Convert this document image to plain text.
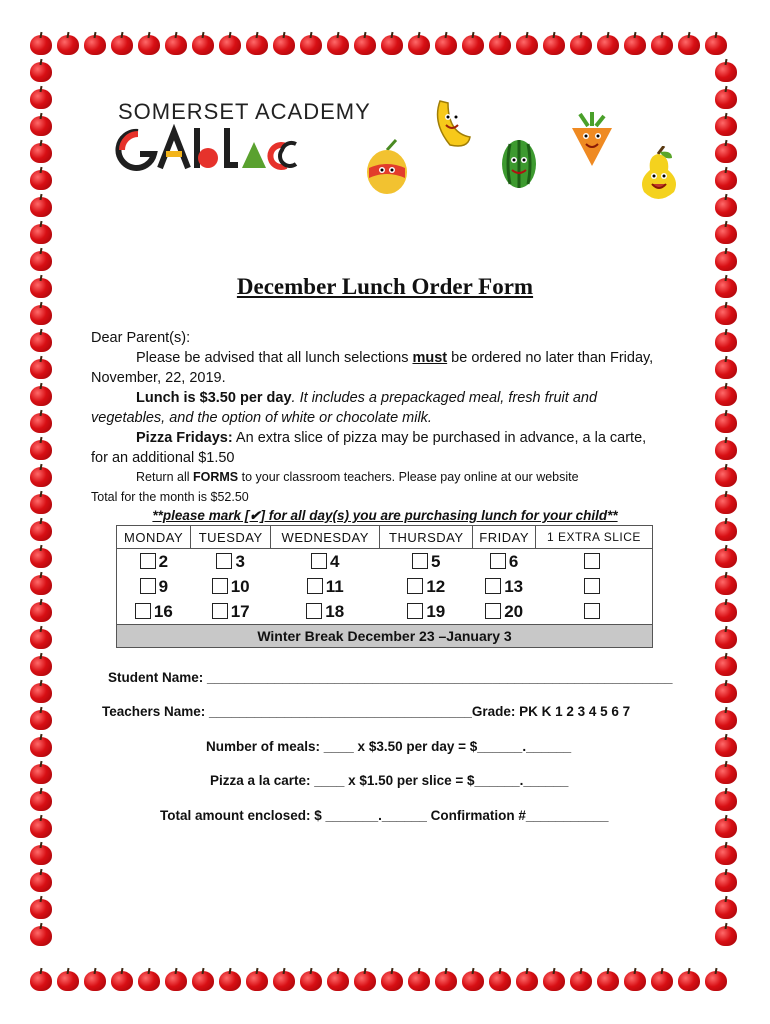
SOMERSET ACADEMY
December Lunch Order Form
Dear Parent(s):
Please be advised that all lunch selections must be ordered no later than Friday,
November, 22, 2019.
Lunch is $3.50 per day. It includes a prepackaged meal, fresh fruit and
vegetables, and the option of white or chocolate milk.
Pizza Fridays: An extra slice of pizza may be purchased in advance, a la carte,
for an additional $1.50
Return all FORMS to your classroom teachers. Please pay online at our website
Total for the month is $52.50
**please mark [✔] for all day(s) you are purchasing lunch for your child**
MONDAY	TUESDAY	WEDNESDAY	THURSDAY	FRIDAY	1 EXTRA SLICE
2	3	4	5	6	
9	10	11	12	13	
16	17	18	19	20	
Winter Break December 23 –January 3					
Student Name: ______________________________________________________________
Teachers Name: ___________________________________Grade: PK K 1 2 3 4 5 6 7
Number of meals: ____ x $3.50 per day = $______.______
Pizza a la carte: ____ x $1.50 per slice = $______.______
Total amount enclosed: $ _______.______ Confirmation #___________
